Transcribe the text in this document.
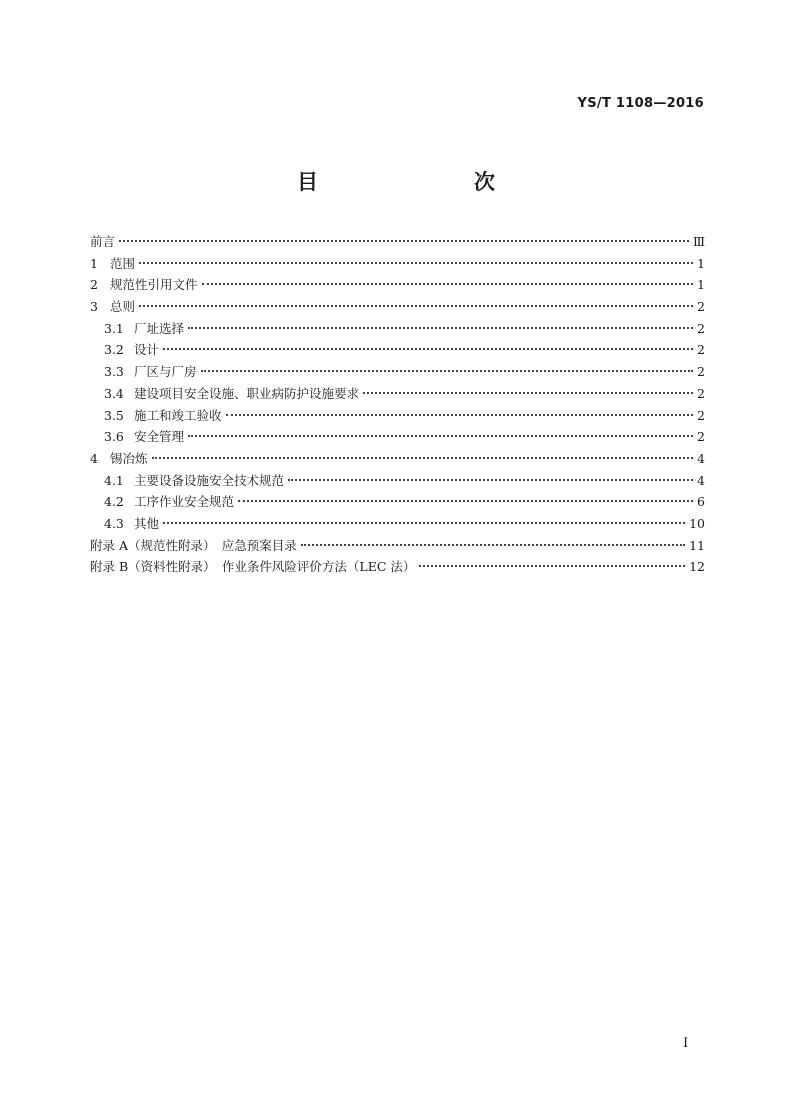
YS/T 1108—2016
目　　次
前言	Ⅲ
1 范围	1
2 规范性引用文件	1
3 总则	2
3.1 厂址选择	2
3.2 设计	2
3.3 厂区与厂房	2
3.4 建设项目安全设施、职业病防护设施要求	2
3.5 施工和竣工验收	2
3.6 安全管理	2
4 锡冶炼	4
4.1 主要设备设施安全技术规范	4
4.2 工序作业安全规范	6
4.3 其他	10
附录 A（规范性附录）　应急预案目录	11
附录 B（资料性附录）　作业条件风险评价方法（LEC 法）	12
I
